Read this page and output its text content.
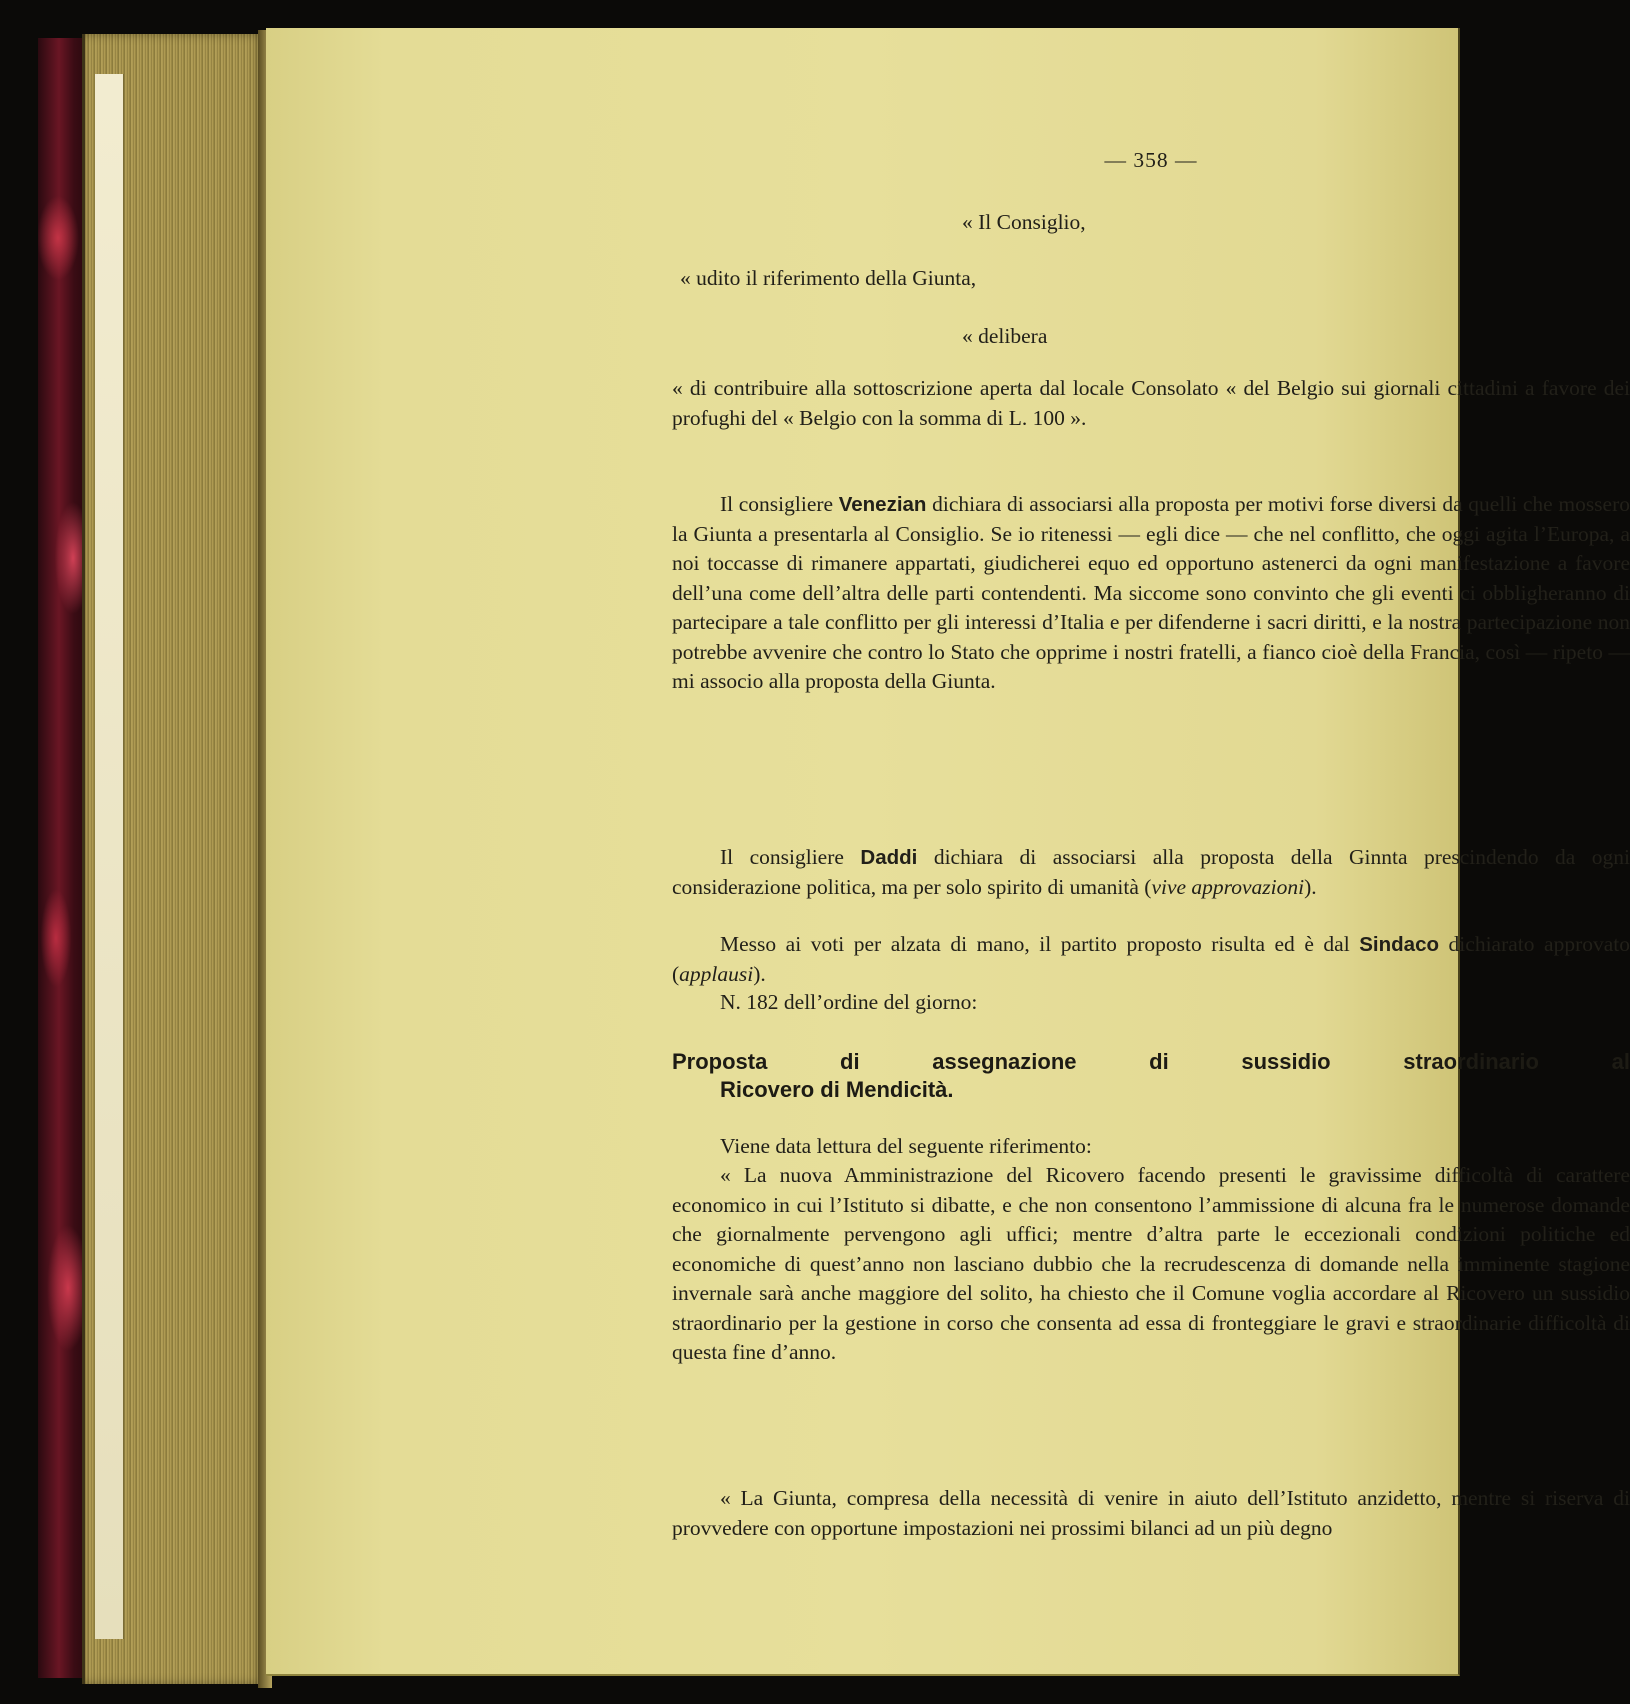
— 358 —
« Il Consiglio,
« udito il riferimento della Giunta,
« delibera

« di contribuire alla sottoscrizione aperta dal locale Consolato « del Belgio sui giornali cittadini a favore dei profughi del « Belgio con la somma di L. 100 ».

Il consigliere Venezian dichiara di associarsi alla proposta per motivi forse diversi da quelli che mossero la Giunta a presentarla al Consiglio. Se io ritenessi — egli dice — che nel conflitto, che oggi agita l’Europa, a noi toccasse di rimanere appartati, giudicherei equo ed opportuno astenerci da ogni manifestazione a favore dell’una come dell’altra delle parti contendenti. Ma siccome sono convinto che gli eventi ci obbligheranno di partecipare a tale conflitto per gli interessi d’Italia e per difenderne i sacri diritti, e la nostra partecipazione non potrebbe avvenire che contro lo Stato che opprime i nostri fratelli, a fianco cioè della Francia, così — ripeto — mi associo alla proposta della Giunta.

Il consigliere Daddi dichiara di associarsi alla proposta della Ginnta prescindendo da ogni considerazione politica, ma per solo spirito di umanità (vive approvazioni).

Messo ai voti per alzata di mano, il partito proposto risulta ed è dal Sindaco dichiarato approvato (applausi).

N. 182 dell’ordine del giorno:

Proposta di assegnazione di sussidio straordinario al
Ricovero di Mendicità.

Viene data lettura del seguente riferimento:

« La nuova Amministrazione del Ricovero facendo presenti le gravissime difficoltà di carattere economico in cui l’Istituto si dibatte, e che non consentono l’ammissione di alcuna fra le numerose domande che giornalmente pervengono agli uffici; mentre d’altra parte le eccezionali condizioni politiche ed economiche di quest’anno non lasciano dubbio che la recrudescenza di domande nella imminente stagione invernale sarà anche maggiore del solito, ha chiesto che il Comune voglia accordare al Ricovero un sussidio straordinario per la gestione in corso che consenta ad essa di fronteggiare le gravi e straordinarie difficoltà di questa fine d’anno.

« La Giunta, compresa della necessità di venire in aiuto dell’Istituto anzidetto, mentre si riserva di provvedere con opportune impostazioni nei prossimi bilanci ad un più degno
